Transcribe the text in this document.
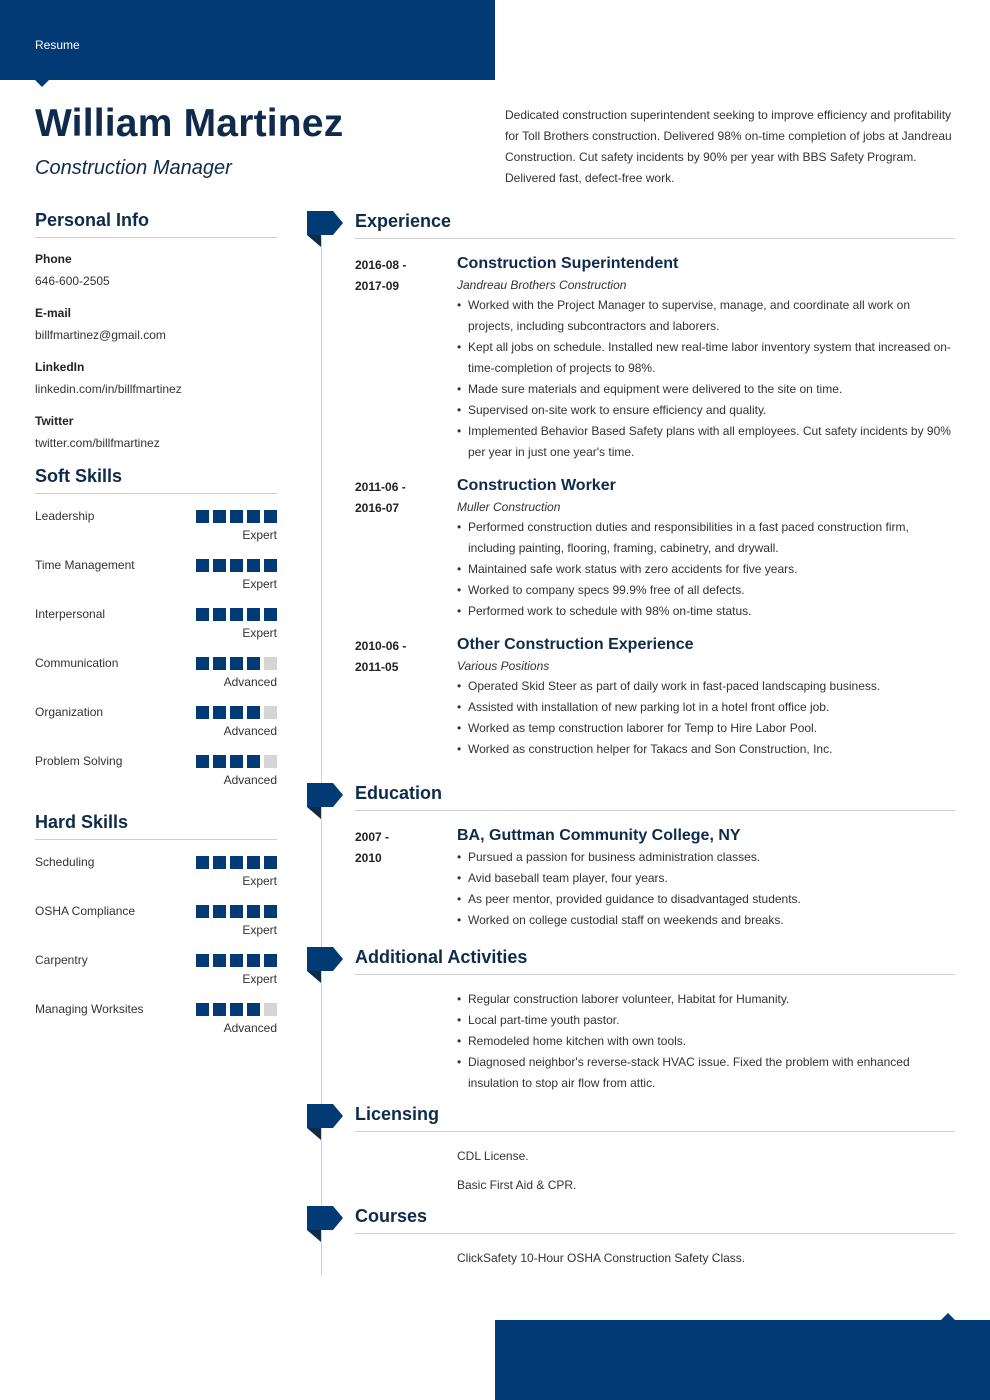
Resume
William Martinez
Construction Manager

Dedicated construction superintendent seeking to improve efficiency and profitability for Toll Brothers construction. Delivered 98% on-time completion of jobs at Jandreau Construction. Cut safety incidents by 90% per year with BBS Safety Program. Delivered fast, defect-free work.

Personal Info
Phone
646-600-2505
E-mail
billfmartinez@gmail.com
LinkedIn
linkedin.com/in/billfmartinez
Twitter
twitter.com/billfmartinez
Soft Skills
Leadership
Expert
Time Management
Expert
Interpersonal
Expert
Communication
Advanced
Organization
Advanced
Problem Solving
Advanced
Hard Skills
Scheduling
Expert
OSHA Compliance
Expert
Carpentry
Expert
Managing Worksites
Advanced
Experience
2016-08 -
2017-09
Construction Superintendent
Jandreau Brothers Construction
• Worked with the Project Manager to supervise, manage, and coordinate all work on projects, including subcontractors and laborers.
• Kept all jobs on schedule. Installed new real-time labor inventory system that increased on-time-completion of projects to 98%.
• Made sure materials and equipment were delivered to the site on time.
• Supervised on-site work to ensure efficiency and quality.
• Implemented Behavior Based Safety plans with all employees. Cut safety incidents by 90% per year in just one year's time.
2011-06 -
2016-07
Construction Worker
Muller Construction
• Performed construction duties and responsibilities in a fast paced construction firm, including painting, flooring, framing, cabinetry, and drywall.
• Maintained safe work status with zero accidents for five years.
• Worked to company specs 99.9% free of all defects.
• Performed work to schedule with 98% on-time status.
2010-06 -
2011-05
Other Construction Experience
Various Positions
• Operated Skid Steer as part of daily work in fast-paced landscaping business.
• Assisted with installation of new parking lot in a hotel front office job.
• Worked as temp construction laborer for Temp to Hire Labor Pool.
• Worked as construction helper for Takacs and Son Construction, Inc.
Education
2007 -
2010
BA, Guttman Community College, NY
• Pursued a passion for business administration classes.
• Avid baseball team player, four years.
• As peer mentor, provided guidance to disadvantaged students.
• Worked on college custodial staff on weekends and breaks.
Additional Activities
• Regular construction laborer volunteer, Habitat for Humanity.
• Local part-time youth pastor.
• Remodeled home kitchen with own tools.
• Diagnosed neighbor's reverse-stack HVAC issue. Fixed the problem with enhanced insulation to stop air flow from attic.
Licensing
CDL License.
Basic First Aid & CPR.
Courses
ClickSafety 10-Hour OSHA Construction Safety Class.
